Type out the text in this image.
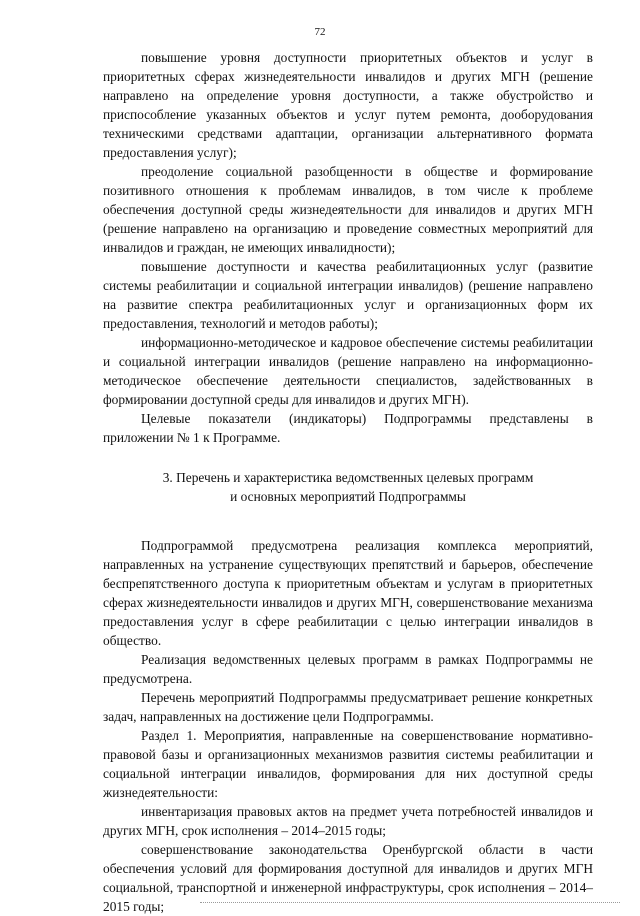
72

повышение уровня доступности приоритетных объектов и услуг в приоритетных сферах жизнедеятельности инвалидов и других МГН (решение направлено на определение уровня доступности, а также обустройство и приспособление указанных объектов и услуг путем ремонта, дооборудования техническими средствами адаптации, организации альтернативного формата предоставления услуг);

преодоление социальной разобщенности в обществе и формирование позитивного отношения к проблемам инвалидов, в том числе к проблеме обеспечения доступной среды жизнедеятельности для инвалидов и других МГН (решение направлено на организацию и проведение совместных мероприятий для инвалидов и граждан, не имеющих инвалидности);

повышение доступности и качества реабилитационных услуг (развитие системы реабилитации и социальной интеграции инвалидов) (решение направлено на развитие спектра реабилитационных услуг и организационных форм их предоставления, технологий и методов работы);

информационно-методическое и кадровое обеспечение системы реабилитации и социальной интеграции инвалидов (решение направлено на информационно-методическое обеспечение деятельности специалистов, задействованных в формировании доступной среды для инвалидов и других МГН).

Целевые показатели (индикаторы) Подпрограммы представлены в приложении № 1 к Программе.

3. Перечень и характеристика ведомственных целевых программ
и основных мероприятий Подпрограммы

Подпрограммой предусмотрена реализация комплекса мероприятий, направленных на устранение существующих препятствий и барьеров, обеспечение беспрепятственного доступа к приоритетным объектам и услугам в приоритетных сферах жизнедеятельности инвалидов и других МГН, совершенствование механизма предоставления услуг в сфере реабилитации с целью интеграции инвалидов в общество.

Реализация ведомственных целевых программ в рамках Подпрограммы не предусмотрена.

Перечень мероприятий Подпрограммы предусматривает решение конкретных задач, направленных на достижение цели Подпрограммы.

Раздел 1. Мероприятия, направленные на совершенствование нормативно-правовой базы и организационных механизмов развития системы реабилитации и социальной интеграции инвалидов, формирования для них доступной среды жизнедеятельности:

инвентаризация правовых актов на предмет учета потребностей инвалидов и других МГН, срок исполнения – 2014–2015 годы;

совершенствование законодательства Оренбургской области в части обеспечения условий для формирования доступной для инвалидов и других МГН социальной, транспортной и инженерной инфраструктуры, срок исполнения – 2014–2015 годы;
